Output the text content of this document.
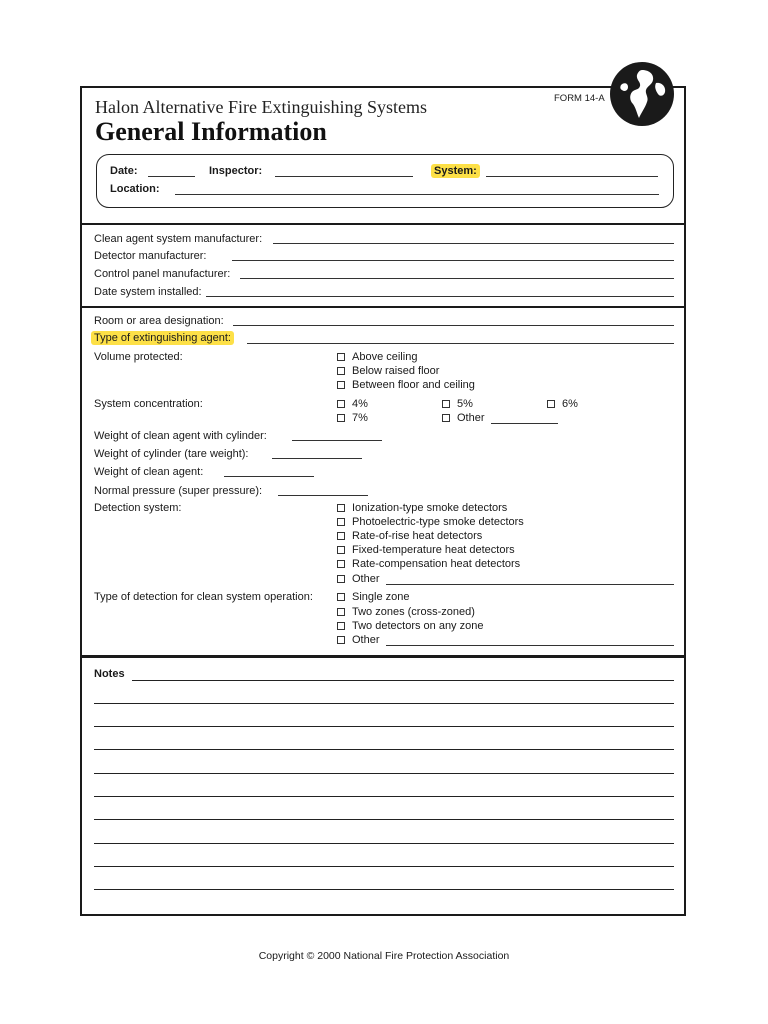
FORM 14-A
Halon Alternative Fire Extinguishing Systems
General Information
Date:	Inspector:	System:
Location:
Clean agent system manufacturer:
Detector manufacturer:
Control panel manufacturer:
Date system installed:
Room or area designation:
Type of extinguishing agent:
Volume protected:	Above ceiling
Below raised floor
Between floor and ceiling
System concentration:	4%	5%	6%
7%	Other
Weight of clean agent with cylinder:
Weight of cylinder (tare weight):
Weight of clean agent:
Normal pressure (super pressure):
Detection system:	Ionization-type smoke detectors
Photoelectric-type smoke detectors
Rate-of-rise heat detectors
Fixed-temperature heat detectors
Rate-compensation heat detectors
Other
Type of detection for clean system operation:	Single zone
Two zones (cross-zoned)
Two detectors on any zone
Other
Notes
Copyright © 2000 National Fire Protection Association
